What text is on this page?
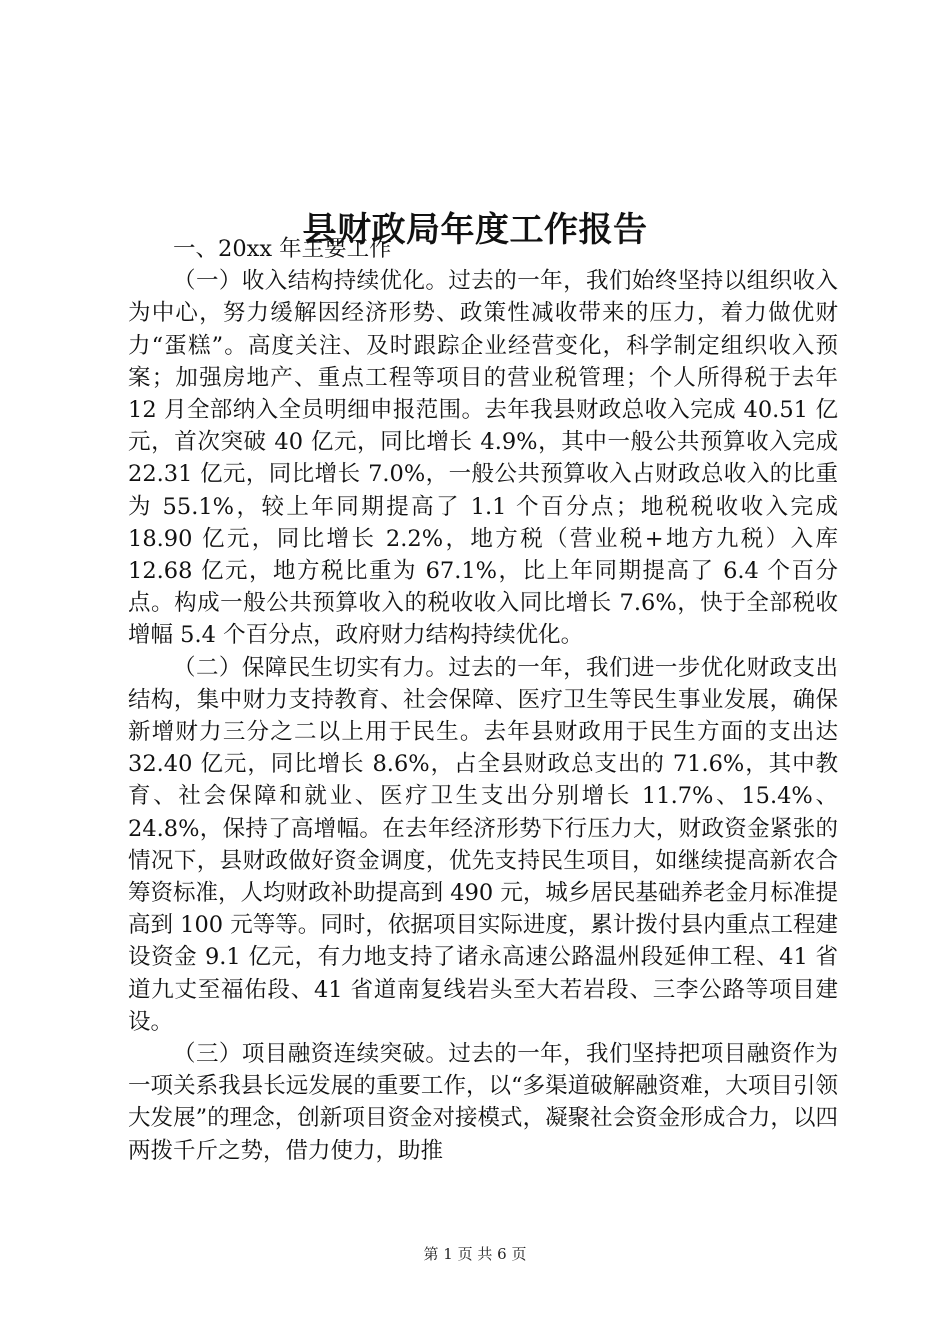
县财政局年度工作报告

一、20xx 年主要工作

（一）收入结构持续优化。过去的一年，我们始终坚持以组织收入为中心，努力缓解因经济形势、政策性减收带来的压力，着力做优财力“蛋糕”。高度关注、及时跟踪企业经营变化，科学制定组织收入预案；加强房地产、重点工程等项目的营业税管理；个人所得税于去年 12 月全部纳入全员明细申报范围。去年我县财政总收入完成 40.51 亿元，首次突破 40 亿元，同比增长 4.9%，其中一般公共预算收入完成 22.31 亿元，同比增长 7.0%，一般公共预算收入占财政总收入的比重为 55.1%，较上年同期提高了 1.1 个百分点；地税税收收入完成 18.90 亿元，同比增长 2.2%，地方税（营业税+地方九税）入库 12.68 亿元，地方税比重为 67.1%，比上年同期提高了 6.4 个百分点。构成一般公共预算收入的税收收入同比增长 7.6%，快于全部税收增幅 5.4 个百分点，政府财力结构持续优化。

（二）保障民生切实有力。过去的一年，我们进一步优化财政支出结构，集中财力支持教育、社会保障、医疗卫生等民生事业发展，确保新增财力三分之二以上用于民生。去年县财政用于民生方面的支出达 32.40 亿元，同比增长 8.6%，占全县财政总支出的 71.6%，其中教育、社会保障和就业、医疗卫生支出分别增长 11.7%、15.4%、24.8%，保持了高增幅。在去年经济形势下行压力大，财政资金紧张的情况下，县财政做好资金调度，优先支持民生项目，如继续提高新农合筹资标准，人均财政补助提高到 490 元，城乡居民基础养老金月标准提高到 100 元等等。同时，依据项目实际进度，累计拨付县内重点工程建设资金 9.1 亿元，有力地支持了诸永高速公路温州段延伸工程、41 省道九丈至福佑段、41 省道南复线岩头至大若岩段、三李公路等项目建设。

（三）项目融资连续突破。过去的一年，我们坚持把项目融资作为一项关系我县长远发展的重要工作，以“多渠道破解融资难，大项目引领大发展”的理念，创新项目资金对接模式，凝聚社会资金形成合力，以四两拨千斤之势，借力使力，助推

第 1 页 共 6 页
